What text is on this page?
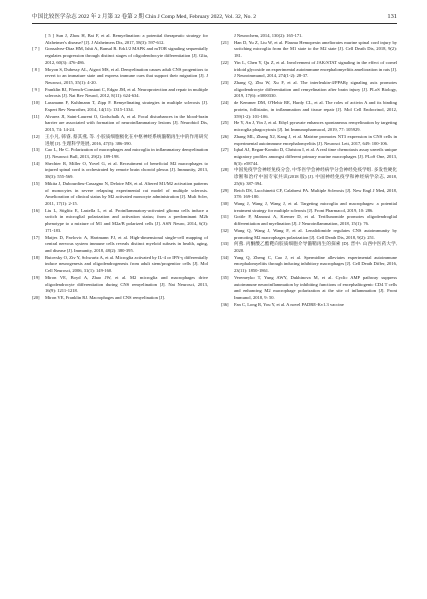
中国比较医学杂志 2022 年 2 月第 32 卷第 2 期 Chin J Comp Med, February 2022, Vol. 32, No. 2	131
[ 5 ] Sun J, Zhou H, Bai F, et al. Remyelination: a potential therapeutic strategy for Alzheimer's disease? [J]. J Alzheimers Dis, 2017, 58(3): 597-612.
[ 7 ]	Gonsalvez-Diaz HM, Ishii A, Bansal R. Erk1/2 MAPK and mTOR signaling sequentially regulates progression through distinct stages of oligodendrocyte differentiation [J]. Glia, 2012, 60(3): 476-486.
[ 8 ]	Moyon S, Dubessy AL, Aigrot MS, et al. Demyelination causes adult CNS progenitors to revert to an immature state and express immune cues that support their migration [J]. J Neurosci, 2015, 35(1): 4-20.
[ 9 ]	Franklin RJ, Ffrench-Constant C, Edgar JM, et al. Neuroprotection and repair in multiple sclerosis [J]. Nat Rev Neurol, 2012, 8(11): 624-634.
[10]	Lassmann F, Kuhlmann T, Zipp F. Remyelinating strategies in multiple sclerosis [J]. Expert Rev Neurother, 2014, 14(11): 1315-1334.
[11]	Alvarez JI, Saint-Laurent O, Godschalk A, et al. Focal disturbances in the blood-brain barrier are associated with formation of neuroinflammatory lesions [J]. Neurobiol Dis, 2015, 74: 14-24.
[12]	王小凡, 韩睿, 蔡其燕, 等. 小胶质细胞极化在中枢神经系统髓鞘再生中的作用研究进展 [J]. 生理科学进展, 2016, 47(5): 386-390.
[13]	Cao L, He C. Polarization of macrophages and microglia in inflammatory demyelination [J]. Neurosci Bull, 2013, 29(2): 189-198.
[14]	Shechter R, Miller O, Yovel G, et al. Recruitment of beneficial M2 macrophages to injured spinal cord is orchestrated by remote brain choroid plexus [J]. Immunity, 2013, 38(3): 555-569.
[15]	Mikita J, Dubourdieu-Cassagno N, Deloire MS, et al. Altered M1/M2 activation patterns of monocytes in severe relapsing experimental rat model of multiple sclerosis. Amelioration of clinical status by M2 activated monocyte administration [J]. Mult Scler, 2011, 17(1): 2-15.
[16]	Liu L, Stiglitz E, Lastella L, et al. Proinflammatory-activated glioma cells induce a switch in microglial polarization and activation status; from a predominant M2b phenotype to a mixture of M1 and M2a/B polarized cells [J]. ASN Neuro, 2014, 6(3): 171-183.
[17]	Matjes D, Pavlovic A, Hartmann FJ, et al. High-dimensional single-cell mapping of central nervous system immune cells reveals distinct myeloid subsets in health, aging, and disease [J]. Immunity, 2018, 48(2): 380-395.
[18]	Butovsky O, Ziv Y, Schwartz A, et al. Microglia activated by IL-4 or IFN-γ differentially induce neurogenesis and oligodendrogenesis from adult stem/progenitor cells [J]. Mol Cell Neurosci, 2006, 31(1): 149-160.
[19]	Miron VE, Boyd A, Zhao JW, et al. M2 microglia and macrophages drive oligodendrocyte differentiation during CNS remyelination [J]. Nat Neurosci, 2013, 16(9): 1211-1218.
[20]	Miron VE, Franklin RJ. Macrophages and CNS remyelination [J].
J Neurochem, 2014, 130(2): 165-171.
[21]	Han D, Yu Z, Liu W, et al. Plasma Hemopexin ameliorates murine spinal cord injury by switching microglia from the M1 state to the M2 state [J]. Cell Death Dis, 2018, 9(2): 181.
[22]	Yin L, Chen Y, Qu Z, et al. Involvement of JAK/STAT signaling in the effect of cornel iridoid glycoside on experimental autoimmune encephalomyelitis amelioration in rats [J]. J Neuroimmunol, 2014, 274(1-2): 28-37.
[23]	Zhang Q, Zhu W, Xu F, et al. The interleukin-4/PPARγ signaling axis promotes oligodendrocyte differentiation and remyelination after brain injury [J]. PLoS Biology, 2019, 17(6): e3000330.
[24]	de Kemmer DM, O'Hehir RE, Hardy CL, et al. The roles of activin A and its binding protein, follistatin, in inflammation and tissue repair [J]. Mol Cell Endocrinol, 2012, 359(1-2): 101-106.
[25]	He Y, An J, Yin J, et al. Ethyl pyruvate enhances spontaneous remyelination by targeting microglia phagocytosis [J]. Int Immunopharmacol, 2019, 77: 105929.
[26]	Zhang ML, Zhang XJ, Kang J, et al. Matrine promotes NT3 expression in CNS cells in experimental autoimmune encephalomyelitis [J]. Neurosci Lett, 2017, 649: 100-106.
[27]	Iqbal AJ, Regan-Komito D, Christou I, et al. A real time chemotaxis assay unveils unique migratory profiles amongst different primary murine macrophages [J]. PLoS One, 2013, 8(3): e58744.
[28]	中国免疫学会神经免疫分会, 中华医学会神经病学分会神经免疫学组. 多发性硬化诊断和治疗中国专家共识(2018 版) [J]. 中国神经免疫学和神经病学杂志, 2018, 25(6): 387-394.
[29]	Reich DS, Lucchinetti CF, Calabresi PA. Multiple Sclerosis [J]. New Engl J Med, 2018, 378: 169-180.
[30]	Wang J, Wang J, Wang J, et al. Targeting microglia and macrophages: a potential treatment strategy for multiple sclerosis [J]. Front Pharmacol, 2019, 10: 286.
[31]	Gottle P, Manousi A, Kremer D, et al. Teriflunomide promotes oligodendroglial differentiation and myelination [J]. J Neuroinflammation, 2018, 15(1): 76.
[32]	Wang Q, Wang J, Wang F, et al. Lenalidomide regulates CNS autoimmunity by promoting M2 macrophages polarization [J]. Cell Death Dis, 2018, 9(2): 251.
[33]	何燕. 丙酮酸乙酯靶向胶质细胞介导髓鞘再生的探索 [D]. 晋中: 山西中医药大学, 2020.
[34]	Yang Q, Zheng C, Cao J, et al. Spermidine alleviates experimental autoimmune encephalomyelitis through inducing inhibitory macrophages [J]. Cell Death Differ, 2016, 23(11): 1850-1861.
[35]	Veremeyko T, Yung AWY, Dukhinova M, et al. Cyclic AMP pathway suppress autoimmune neuroinflammation by inhibiting functions of encephalitogenic CD4 T cells and enhancing M2 macrophage polarization at the site of inflammation [J]. Front Immunol, 2018, 9: 50.
[36]	Fan C, Long R, You Y, et al. A novel PADRE-Kv1.3 vaccine
